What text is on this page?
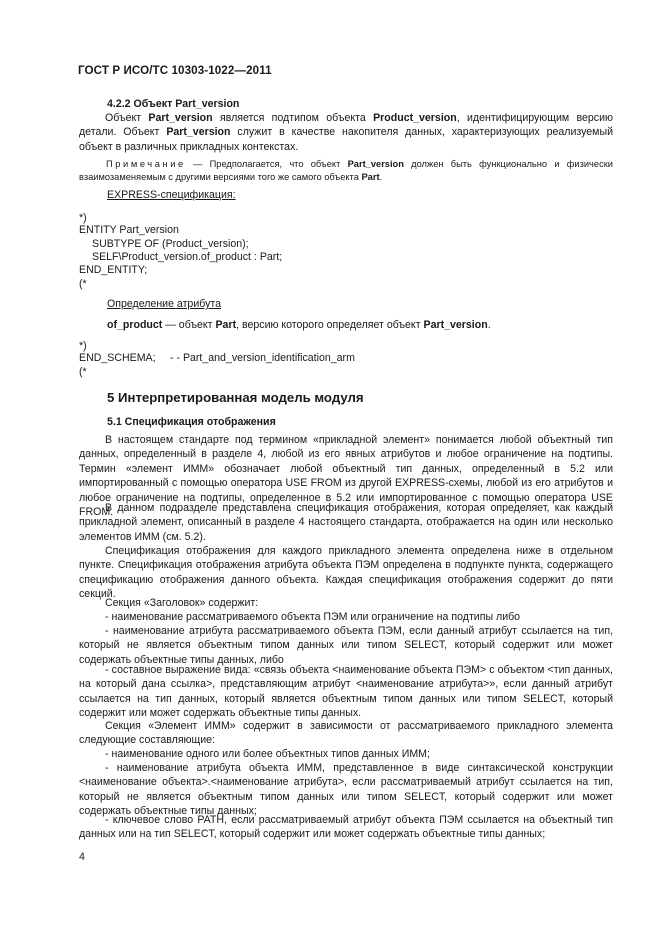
ГОСТ Р ИСО/ТС 10303-1022—2011
4.2.2 Объект Part_version
Объект Part_version является подтипом объекта Product_version, идентифицирующим версию детали. Объект Part_version служит в качестве накопителя данных, характеризующих реализуемый объект в различных прикладных контекстах.
Примечание — Предполагается, что объект Part_version должен быть функционально и физически взаимозаменяемым с другими версиями того же самого объекта Part.
EXPRESS-спецификация:
*)
ENTITY Part_version
SUBTYPE OF (Product_version);
SELF\Product_version.of_product : Part;
END_ENTITY;
(*
Определение атрибута
of_product — объект Part, версию которого определяет объект Part_version.
*)
END_SCHEMA; - - Part_and_version_identification_arm
(*
5 Интерпретированная модель модуля
5.1 Спецификация отображения
В настоящем стандарте под термином «прикладной элемент» понимается любой объектный тип данных, определенный в разделе 4, любой из его явных атрибутов и любое ограничение на подтипы. Термин «элемент ИММ» обозначает любой объектный тип данных, определенный в 5.2 или импортированный с помощью оператора USE FROM из другой EXPRESS-схемы, любой из его атрибутов и любое ограничение на подтипы, определенное в 5.2 или импортированное с помощью оператора USE FROM.
В данном подразделе представлена спецификация отображения, которая определяет, как каждый прикладной элемент, описанный в разделе 4 настоящего стандарта, отображается на один или несколько элементов ИММ (см. 5.2).
Спецификация отображения для каждого прикладного элемента определена ниже в отдельном пункте. Спецификация отображения атрибута объекта ПЭМ определена в подпункте пункта, содержащего спецификацию отображения данного объекта. Каждая спецификация отображения содержит до пяти секций.
Секция «Заголовок» содержит:
- наименование рассматриваемого объекта ПЭМ или ограничение на подтипы либо
- наименование атрибута рассматриваемого объекта ПЭМ, если данный атрибут ссылается на тип, который не является объектным типом данных или типом SELECT, который содержит или может содержать объектные типы данных, либо
- составное выражение вида: «связь объекта <наименование объекта ПЭМ> с объектом <тип данных, на который дана ссылка>, представляющим атрибут <наименование атрибута>», если данный атрибут ссылается на тип данных, который является объектным типом данных или типом SELECT, который содержит или может содержать объектные типы данных.
Секция «Элемент ИММ» содержит в зависимости от рассматриваемого прикладного элемента следующие составляющие:
- наименование одного или более объектных типов данных ИММ;
- наименование атрибута объекта ИММ, представленное в виде синтаксической конструкции <наименование объекта>.<наименование атрибута>, если рассматриваемый атрибут ссылается на тип, который не является объектным типом данных или типом SELECT, который содержит или может содержать объектные типы данных;
- ключевое слово PATH, если рассматриваемый атрибут объекта ПЭМ ссылается на объектный тип данных или на тип SELECT, который содержит или может содержать объектные типы данных;
4
